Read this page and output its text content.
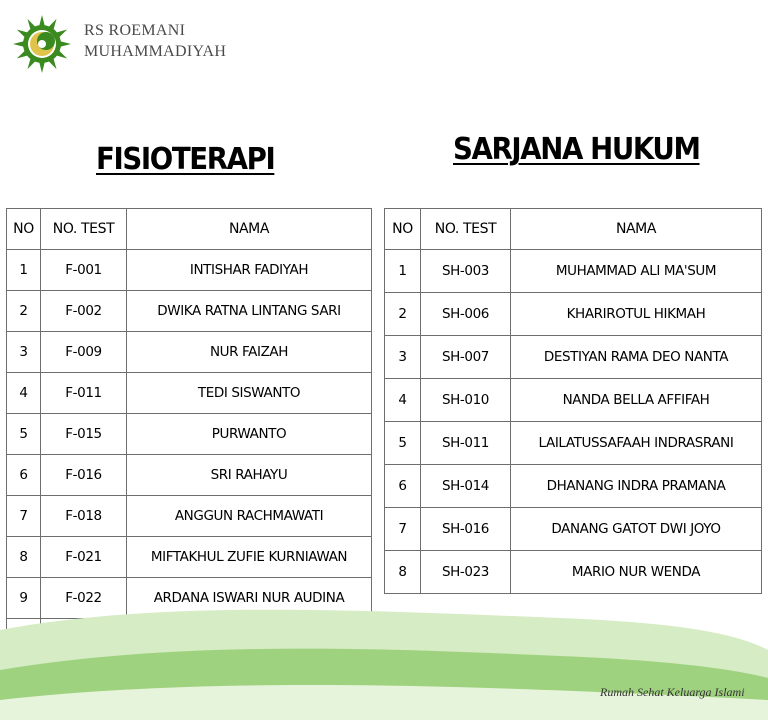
RS ROEMANI
MUHAMMADIYAH
FISIOTERAPI	SARJANA HUKUM
NO	NO. TEST	NAMA
1	F-001	INTISHAR FADIYAH
2	F-002	DWIKA RATNA LINTANG SARI
3	F-009	NUR FAIZAH
4	F-011	TEDI SISWANTO
5	F-015	PURWANTO
6	F-016	SRI RAHAYU
7	F-018	ANGGUN RACHMAWATI
8	F-021	MIFTAKHUL ZUFIE KURNIAWAN
9	F-022	ARDANA ISWARI NUR AUDINA

NO	NO. TEST	NAMA
1	SH-003	MUHAMMAD ALI MA'SUM
2	SH-006	KHARIROTUL HIKMAH
3	SH-007	DESTIYAN RAMA DEO NANTA
4	SH-010	NANDA BELLA AFFIFAH
5	SH-011	LAILATUSSAFAAH INDRASRANI
6	SH-014	DHANANG INDRA PRAMANA
7	SH-016	DANANG GATOT DWI JOYO
8	SH-023	MARIO NUR WENDA
Rumah Sehat Keluarga Islami
